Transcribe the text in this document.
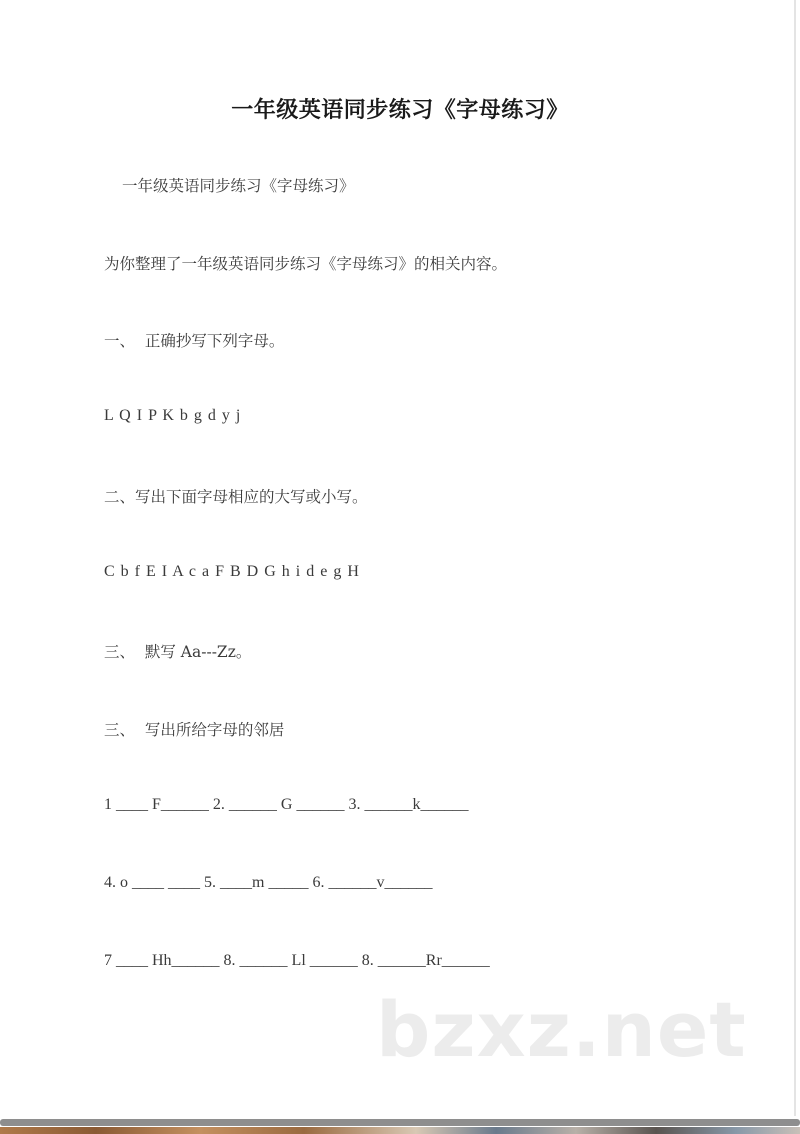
一年级英语同步练习《字母练习》
一年级英语同步练习《字母练习》
为你整理了一年级英语同步练习《字母练习》的相关内容。
一、  正确抄写下列字母。
L Q I P K b g d y j
二、写出下面字母相应的大写或小写。
C b f E I A c a F B D G h i d e g H
三、  默写 Aa---Zz。
三、  写出所给字母的邻居
1 ____ F______ 2. ______ G ______ 3. ______k______
4. o ____ ____ 5. ____m _____ 6. ______v______
7 ____ Hh______ 8. ______ Ll ______ 8. ______Rr______
bzxz.net
